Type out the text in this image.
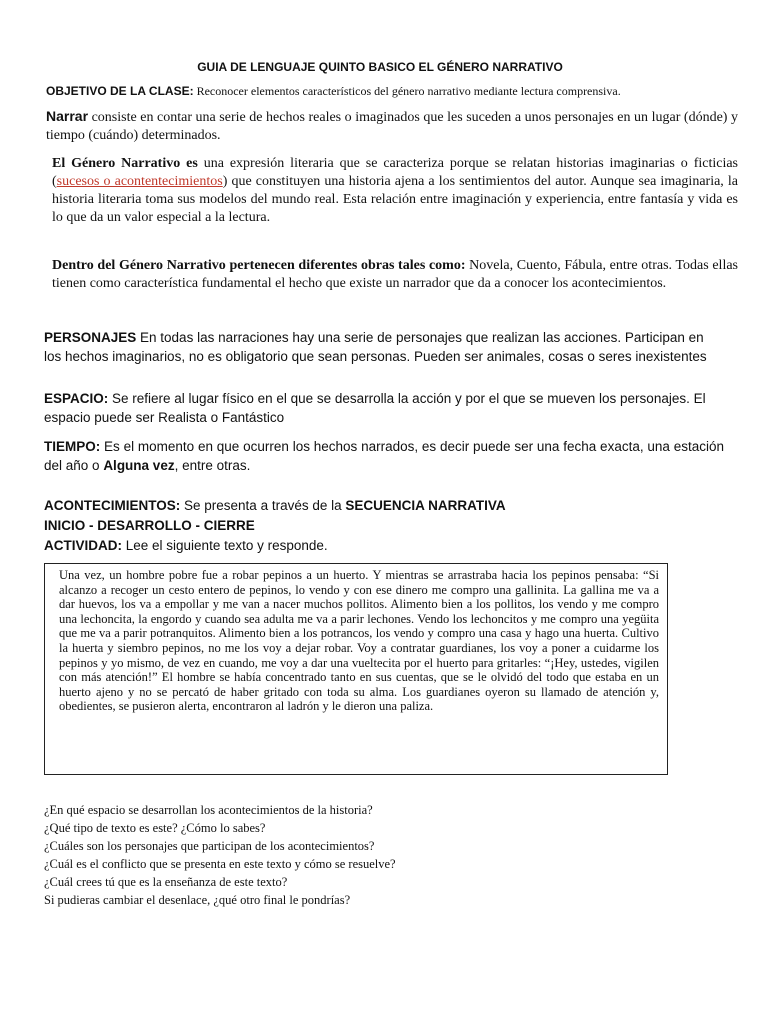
GUIA DE LENGUAJE QUINTO BASICO EL GÉNERO NARRATIVO
OBJETIVO DE LA CLASE: Reconocer elementos característicos del género narrativo mediante lectura comprensiva.
Narrar consiste en contar una serie de hechos reales o imaginados que les suceden a unos personajes en un lugar (dónde) y tiempo (cuándo) determinados.
El Género Narrativo es una expresión literaria que se caracteriza porque se relatan historias imaginarias o ficticias (sucesos o acontentecimientos) que constituyen una historia ajena a los sentimientos del autor. Aunque sea imaginaria, la historia literaria toma sus modelos del mundo real. Esta relación entre imaginación y experiencia, entre fantasía y vida es lo que da un valor especial a la lectura.
Dentro del Género Narrativo pertenecen diferentes obras tales como: Novela, Cuento, Fábula, entre otras. Todas ellas tienen como característica fundamental el hecho que existe un narrador que da a conocer los acontecimientos.
PERSONAJES En todas las narraciones hay una serie de personajes que realizan las acciones. Participan en los hechos imaginarios, no es obligatorio que sean personas. Pueden ser animales, cosas o seres inexistentes
ESPACIO: Se refiere al lugar físico en el que se desarrolla la acción y por el que se mueven los personajes. El espacio puede ser Realista o Fantástico
TIEMPO: Es el momento en que ocurren los hechos narrados, es decir puede ser una fecha exacta, una estación del año o Alguna vez, entre otras.
ACONTECIMIENTOS: Se presenta a través de la SECUENCIA NARRATIVA
INICIO - DESARROLLO - CIERRE
ACTIVIDAD: Lee el siguiente texto y responde.
Una vez, un hombre pobre fue a robar pepinos a un huerto. Y mientras se arrastraba hacia los pepinos pensaba: “Si alcanzo a recoger un cesto entero de pepinos, lo vendo y con ese dinero me compro una gallinita. La gallina me va a dar huevos, los va a empollar y me van a nacer muchos pollitos. Alimento bien a los pollitos, los vendo y me compro una lechoncita, la engordo y cuando sea adulta me va a parir lechones. Vendo los lechoncitos y me compro una yegüita que me va a parir potranquitos. Alimento bien a los potrancos, los vendo y compro una casa y hago una huerta. Cultivo la huerta y siembro pepinos, no me los voy a dejar robar. Voy a contratar guardianes, los voy a poner a cuidarme los pepinos y yo mismo, de vez en cuando, me voy a dar una vueltecita por el huerto para gritarles: “¡Hey, ustedes, vigilen con más atención!” El hombre se había concentrado tanto en sus cuentas, que se le olvidó del todo que estaba en un huerto ajeno y no se percató de haber gritado con toda su alma. Los guardianes oyeron su llamado de atención y, obedientes, se pusieron alerta, encontraron al ladrón y le dieron una paliza.
¿En qué espacio se desarrollan los acontecimientos de la historia?
¿Qué tipo de texto es este? ¿Cómo lo sabes?
¿Cuáles son los personajes que participan de los acontecimientos?
¿Cuál es el conflicto que se presenta en este texto y cómo se resuelve?
¿Cuál crees tú que es la enseñanza de este texto?
Si pudieras cambiar el desenlace, ¿qué otro final le pondrías?
